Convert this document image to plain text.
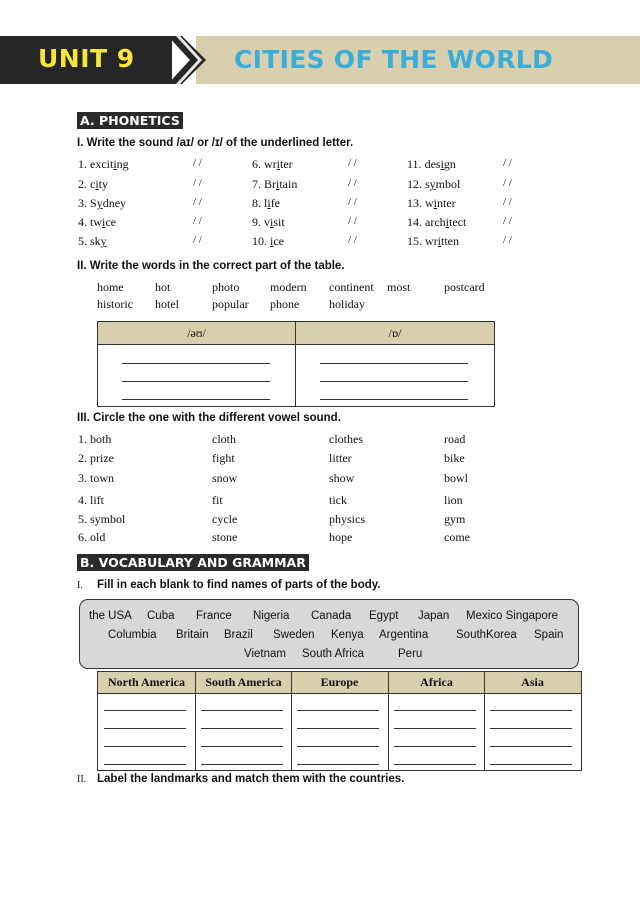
UNIT 9	CITIES OF THE WORLD
A. PHONETICS
I. Write the sound /aɪ/ or /ɪ/ of the underlined letter.
1. exciting	/ /
2. city	/ /
3. Sydney	/ /
4. twice	/ /
5. sky	/ /
6. writer	/ /
7. Britain	/ /
8. life	/ /
9. visit	/ /
10. ice	/ /
11. design	/ /
12. symbol	/ /
13. winter	/ /
14. architect	/ /
15. written	/ /
II. Write the words in the correct part of the table.
home	hot	photo	modern continent most	postcard
historic hotel	popular phone holiday
/əʊ/	/ɒ/
III. Circle the one with the different vowel sound.
1. both	cloth	clothes	road
2. prize	fight	litter	bike
3. town	snow	show	bowl
4. lift	fit	tick	lion
5. symbol	cycle	physics	gym
6. old	stone	hope	come
B. VOCABULARY AND GRAMMAR
I. Fill in each blank to find names of parts of the body.
the USA Cuba France Nigeria Canada Egypt Japan Mexico Singapore
Columbia Britain Brazil Sweden Kenya Argentina SouthKorea Spain
Vietnam South Africa	Peru
North America	South America	Europe	Africa	Asia
II. Label the landmarks and match them with the countries.
